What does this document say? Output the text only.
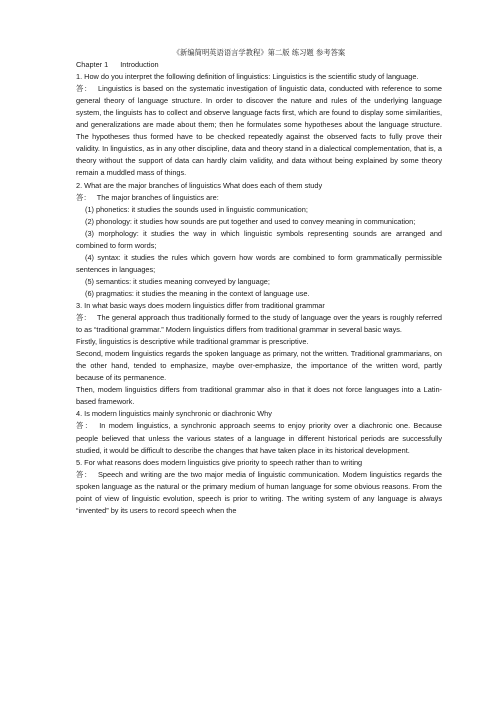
《新编简明英语语言学教程》第二版 练习题 参考答案
Chapter 1 Introduction

1. How do you interpret the following definition of linguistics: Linguistics is the scientific study of language.

答： Linguistics is based on the systematic investigation of linguistic data, conducted with reference to some general theory of language structure. In order to discover the nature and rules of the underlying language system, the linguists has to collect and observe language facts first, which are found to display some similarities, and generalizations are made about them; then he formulates some hypotheses about the language structure. The hypotheses thus formed have to be checked repeatedly against the observed facts to fully prove their validity. In linguistics, as in any other discipline, data and theory stand in a dialectical complementation, that is, a theory without the support of data can hardly claim validity, and data without being explained by some theory remain a muddled mass of things.

2. What are the major branches of linguistics What does each of them study

答： The major branches of linguistics are:

(1) phonetics: it studies the sounds used in linguistic communication;

(2) phonology: it studies how sounds are put together and used to convey meaning in communication;

(3) morphology: it studies the way in which linguistic symbols representing sounds are arranged and combined to form words;

(4) syntax: it studies the rules which govern how words are combined to form grammatically permissible sentences in languages;

(5) semantics: it studies meaning conveyed by language;

(6) pragmatics: it studies the meaning in the context of language use.

3. In what basic ways does modern linguistics differ from traditional grammar

答： The general approach thus traditionally formed to the study of language over the years is roughly referred to as “traditional grammar.” Modern linguistics differs from traditional grammar in several basic ways.

Firstly, linguistics is descriptive while traditional grammar is prescriptive.

Second, modem linguistics regards the spoken language as primary, not the written. Traditional grammarians, on the other hand, tended to emphasize, maybe over-emphasize, the importance of the written word, partly because of its permanence.

Then, modem linguistics differs from traditional grammar also in that it does not force languages into a Latin-based framework.

4. Is modern linguistics mainly synchronic or diachronic Why

答： In modem linguistics, a synchronic approach seems to enjoy priority over a diachronic one. Because people believed that unless the various states of a language in different historical periods are successfully studied, it would be difficult to describe the changes that have taken place in its historical development.

5. For what reasons does modern linguistics give priority to speech rather than to writing

答： Speech and writing are the two major media of linguistic communication. Modem linguistics regards the spoken language as the natural or the primary medium of human language for some obvious reasons. From the point of view of linguistic evolution, speech is prior to writing. The writing system of any language is always “invented” by its users to record speech when the
